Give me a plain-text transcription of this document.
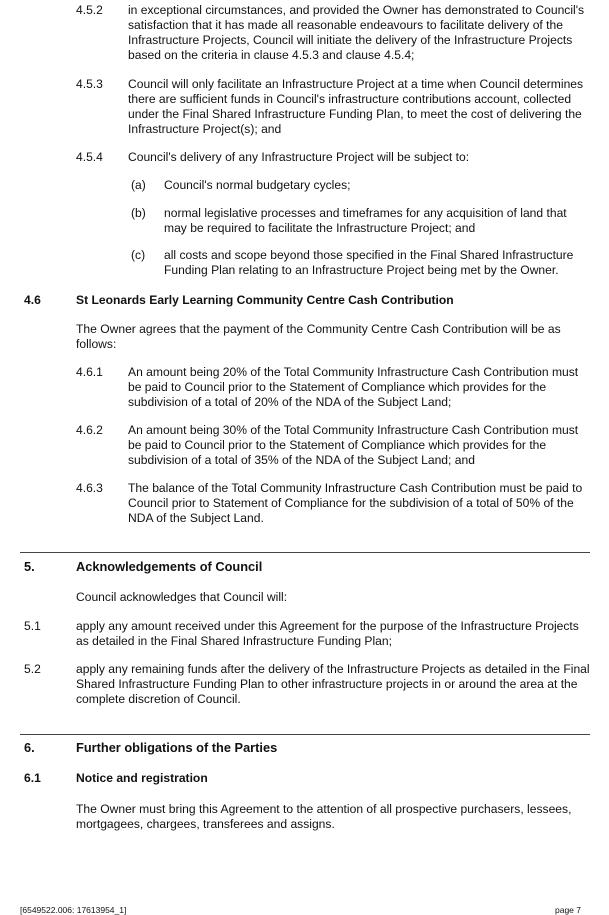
4.5.2 in exceptional circumstances, and provided the Owner has demonstrated to Council's satisfaction that it has made all reasonable endeavours to facilitate delivery of the Infrastructure Projects, Council will initiate the delivery of the Infrastructure Projects based on the criteria in clause 4.5.3 and clause 4.5.4;

4.5.3 Council will only facilitate an Infrastructure Project at a time when Council determines there are sufficient funds in Council's infrastructure contributions account, collected under the Final Shared Infrastructure Funding Plan, to meet the cost of delivering the Infrastructure Project(s); and

4.5.4 Council's delivery of any Infrastructure Project will be subject to:

(a) Council's normal budgetary cycles;

(b) normal legislative processes and timeframes for any acquisition of land that may be required to facilitate the Infrastructure Project; and

(c) all costs and scope beyond those specified in the Final Shared Infrastructure Funding Plan relating to an Infrastructure Project being met by the Owner.

4.6	St Leonards Early Learning Community Centre Cash Contribution

The Owner agrees that the payment of the Community Centre Cash Contribution will be as follows:

4.6.1 An amount being 20% of the Total Community Infrastructure Cash Contribution must be paid to Council prior to the Statement of Compliance which provides for the subdivision of a total of 20% of the NDA of the Subject Land;

4.6.2 An amount being 30% of the Total Community Infrastructure Cash Contribution must be paid to Council prior to the Statement of Compliance which provides for the subdivision of a total of 35% of the NDA of the Subject Land; and

4.6.3 The balance of the Total Community Infrastructure Cash Contribution must be paid to Council prior to Statement of Compliance for the subdivision of a total of 50% of the NDA of the Subject Land.

5.	Acknowledgements of Council

Council acknowledges that Council will:

5.1	apply any amount received under this Agreement for the purpose of the Infrastructure Projects as detailed in the Final Shared Infrastructure Funding Plan;

5.2	apply any remaining funds after the delivery of the Infrastructure Projects as detailed in the Final Shared Infrastructure Funding Plan to other infrastructure projects in or around the area at the complete discretion of Council.

6.	Further obligations of the Parties

6.1	Notice and registration

The Owner must bring this Agreement to the attention of all prospective purchasers, lessees, mortgagees, chargees, transferees and assigns.

[6549522.006: 17613954_1]	page 7
